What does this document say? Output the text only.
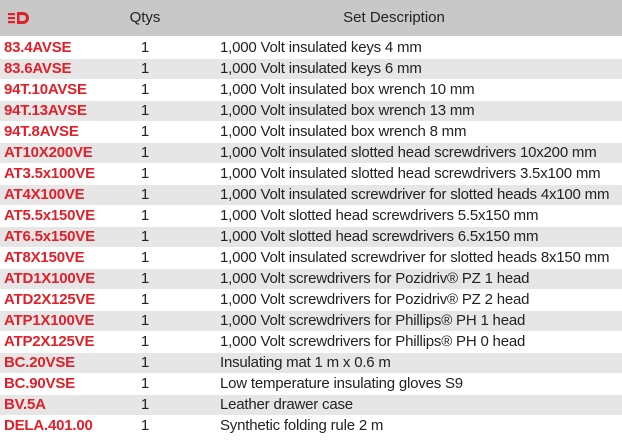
Qtys	Set Description
83.4AVSE	1	1,000 Volt insulated keys 4 mm
83.6AVSE	1	1,000 Volt insulated keys 6 mm
94T.10AVSE	1	1,000 Volt insulated box wrench 10 mm
94T.13AVSE	1	1,000 Volt insulated box wrench 13 mm
94T.8AVSE	1	1,000 Volt insulated box wrench 8 mm
AT10X200VE	1	1,000 Volt insulated slotted head screwdrivers 10x200 mm
AT3.5x100VE	1	1,000 Volt insulated slotted head screwdrivers 3.5x100 mm
AT4X100VE	1	1,000 Volt insulated screwdriver for slotted heads 4x100 mm
AT5.5x150VE	1	1,000 Volt slotted head screwdrivers 5.5x150 mm
AT6.5x150VE	1	1,000 Volt slotted head screwdrivers 6.5x150 mm
AT8X150VE	1	1,000 Volt insulated screwdriver for slotted heads 8x150 mm
ATD1X100VE	1	1,000 Volt screwdrivers for Pozidriv® PZ 1 head
ATD2X125VE	1	1,000 Volt screwdrivers for Pozidriv® PZ 2 head
ATP1X100VE	1	1,000 Volt screwdrivers for Phillips® PH 1 head
ATP2X125VE	1	1,000 Volt screwdrivers for Phillips® PH 0 head
BC.20VSE	1	Insulating mat 1 m x 0.6 m
BC.90VSE	1	Low temperature insulating gloves S9
BV.5A	1	Leather drawer case
DELA.401.00	1	Synthetic folding rule 2 m
